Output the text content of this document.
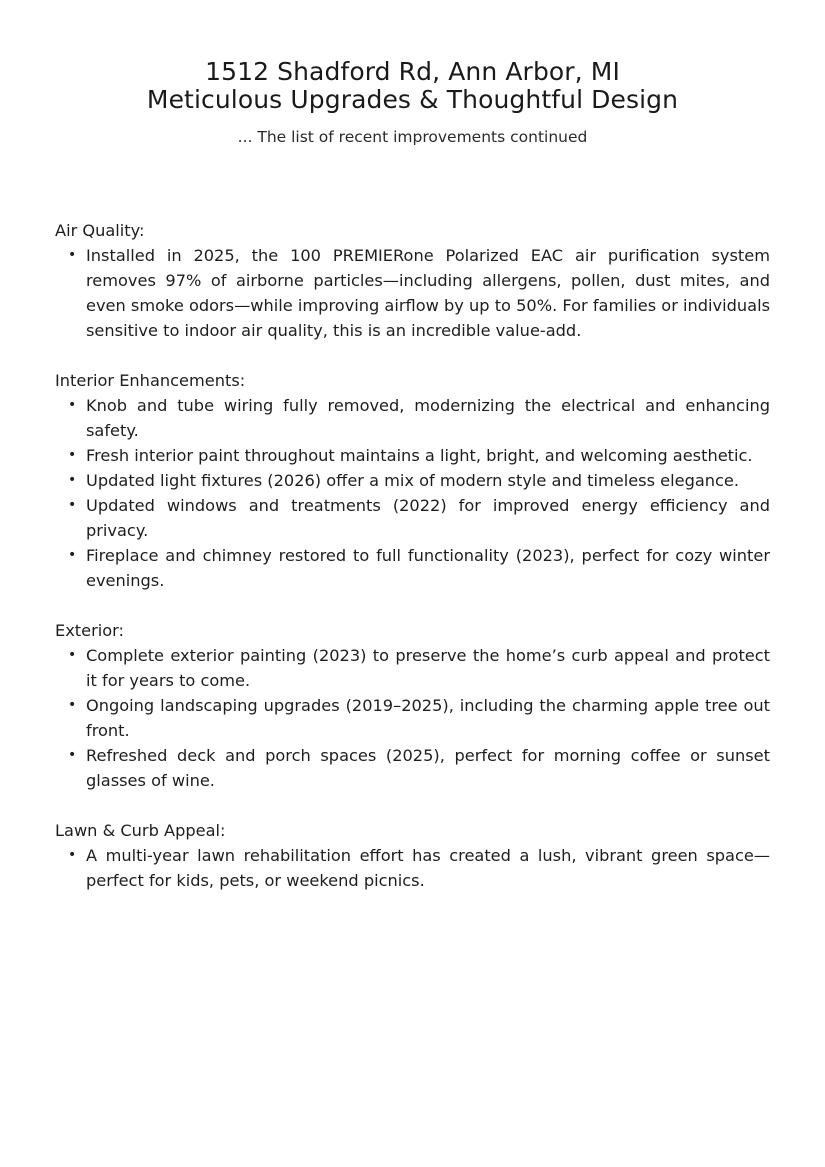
1512 Shadford Rd, Ann Arbor, MI
Meticulous Upgrades & Thoughtful Design
... The list of recent improvements continued
Air Quality:
• Installed in 2025, the 100 PREMIERone Polarized EAC air purification system removes 97% of airborne particles—including allergens, pollen, dust mites, and even smoke odors—while improving airflow by up to 50%. For families or individuals sensitive to indoor air quality, this is an incredible value-add.
Interior Enhancements:
• Knob and tube wiring fully removed, modernizing the electrical and enhancing safety.
• Fresh interior paint throughout maintains a light, bright, and welcoming aesthetic.
• Updated light fixtures (2026) offer a mix of modern style and timeless elegance.
• Updated windows and treatments (2022) for improved energy efficiency and privacy.
• Fireplace and chimney restored to full functionality (2023), perfect for cozy winter evenings.
Exterior:
• Complete exterior painting (2023) to preserve the home’s curb appeal and protect it for years to come.
• Ongoing landscaping upgrades (2019–2025), including the charming apple tree out front.
• Refreshed deck and porch spaces (2025), perfect for morning coffee or sunset glasses of wine.
Lawn & Curb Appeal:
• A multi-year lawn rehabilitation effort has created a lush, vibrant green space—perfect for kids, pets, or weekend picnics.
